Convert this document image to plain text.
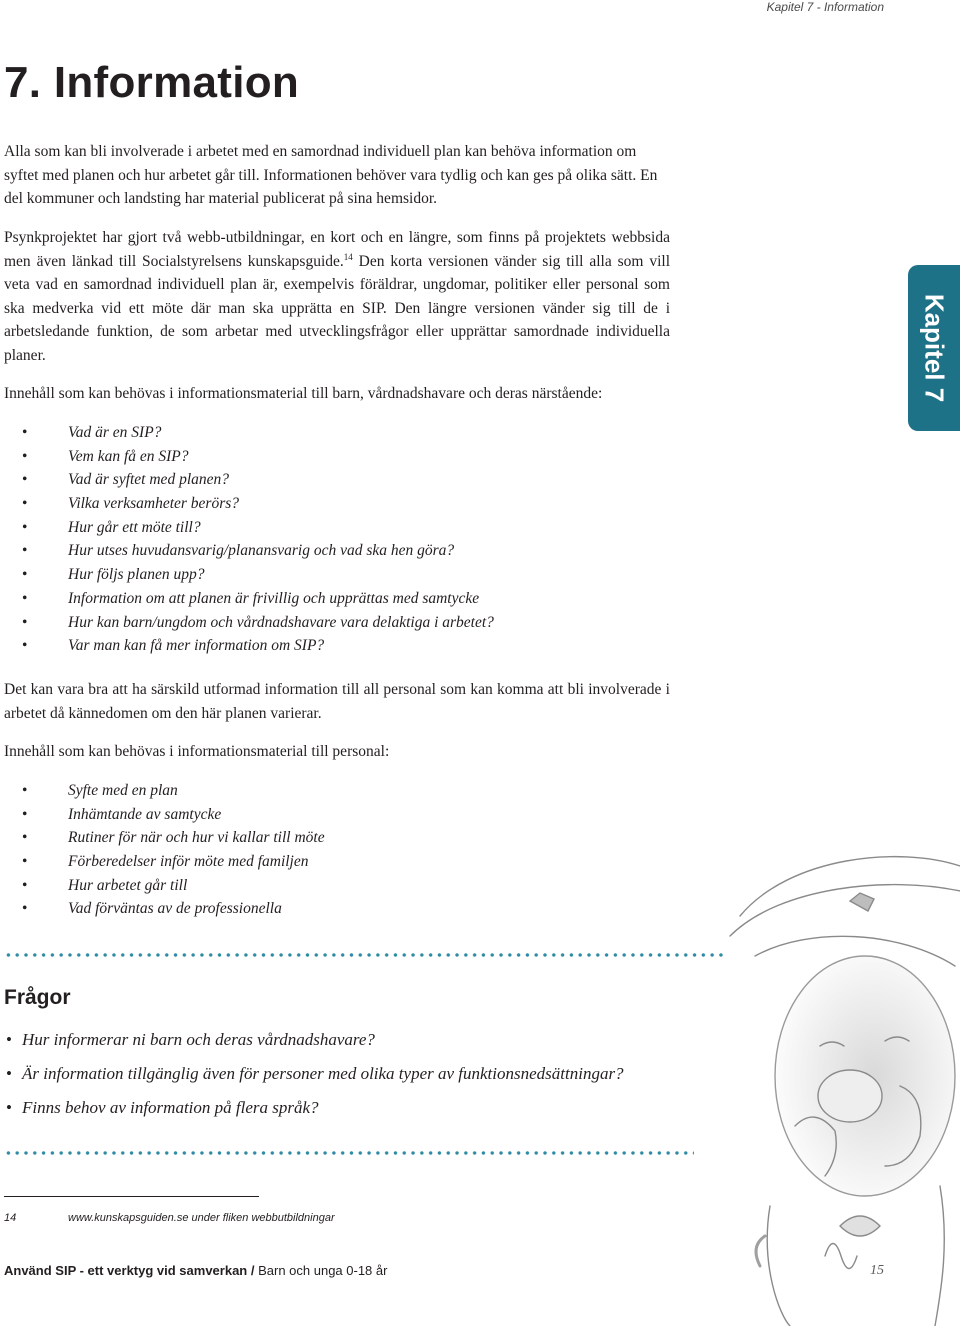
Kapitel 7 - Information
7. Information

Alla som kan bli involverade i arbetet med en samordnad individuell plan kan behöva information om syftet med planen och hur arbetet går till. Informationen behöver vara tydlig och kan ges på olika sätt. En del kommuner och landsting har material publicerat på sina hemsidor.

Psynkprojektet har gjort två webb-utbildningar, en kort och en längre, som finns på projektets webbsida men även länkad till Socialstyrelsens kunskapsguide.$^{14}$ Den korta versionen vänder sig till alla som vill veta vad en samordnad individuell plan är, exempelvis föräldrar, ungdomar, politiker eller personal som ska medverka vid ett möte där man ska upprätta en SIP. Den längre versionen vänder sig till de i arbetsledande funktion, de som arbetar med utvecklingsfrågor eller upprättar samordnade individuella planer.

Innehåll som kan behövas i informationsmaterial till barn, vårdnadshavare och deras närstående:

•	Vad är en SIP?
•	Vem kan få en SIP?
•	Vad är syftet med planen?
•	Vilka verksamheter berörs?
•	Hur går ett möte till?
•	Hur utses huvudansvarig/planansvarig och vad ska hen göra?
•	Hur följs planen upp?
•	Information om att planen är frivillig och upprättas med samtycke
•	Hur kan barn/ungdom och vårdnadshavare vara delaktiga i arbetet?
•	Var man kan få mer information om SIP?

Det kan vara bra att ha särskild utformad information till all personal som kan komma att bli involverade i arbetet då kännedomen om den här planen varierar.

Innehåll som kan behövas i informationsmaterial till personal:

•	Syfte med en plan
•	Inhämtande av samtycke
•	Rutiner för när och hur vi kallar till möte
•	Förberedelser inför möte med familjen
•	Hur arbetet går till
•	Vad förväntas av de professionella
Kapitel 7
Frågor
• Hur informerar ni barn och deras vårdnadshavare?
• Är information tillgänglig även för personer med olika typer av funktionsnedsättningar?
• Finns behov av information på flera språk?
14	www.kunskapsguiden.se under fliken webbutbildningar
Använd SIP - ett verktyg vid samverkan / Barn och unga 0-18 år	15
